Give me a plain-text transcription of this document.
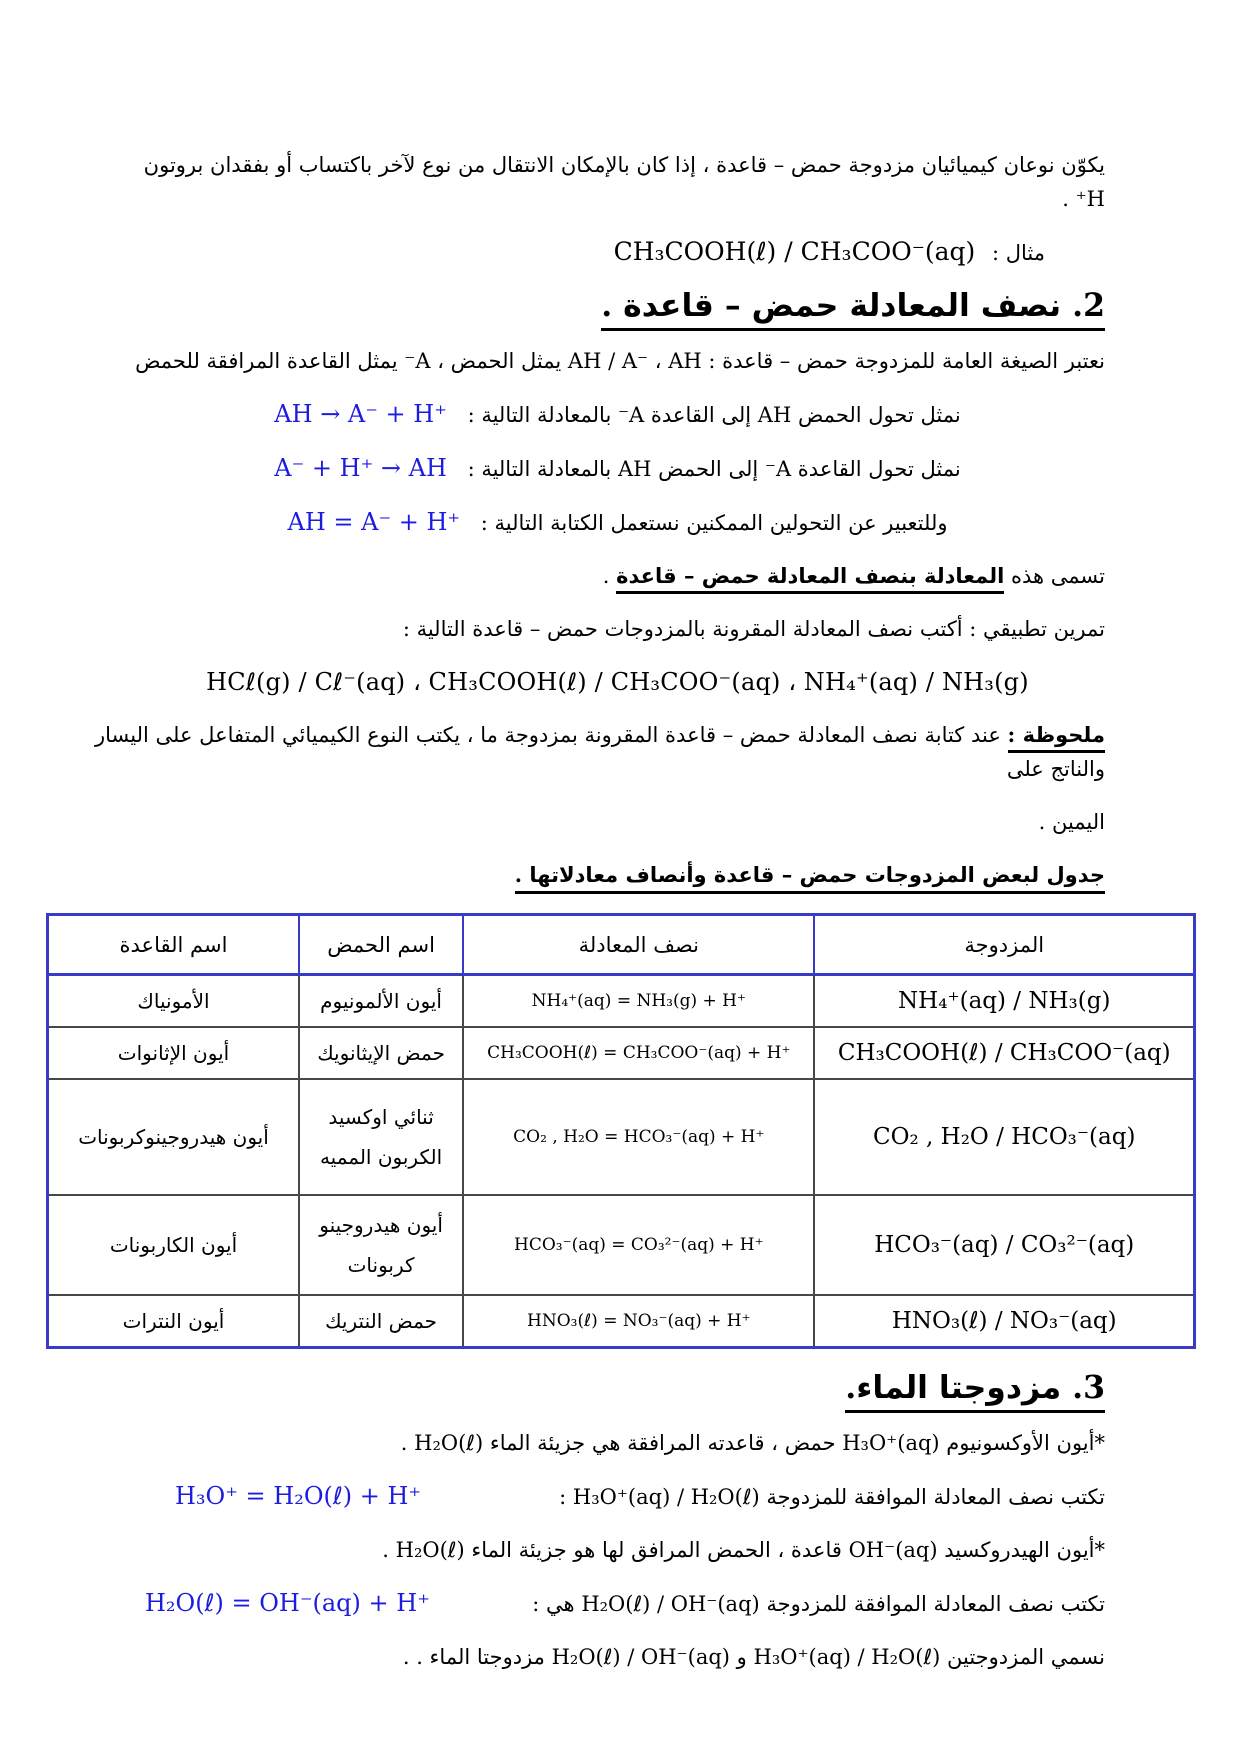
يكوّن نوعان كيميائيان مزدوجة حمض – قاعدة ، إذا كان بالإمكان الانتقال من نوع لآخر باكتساب أو بفقدان بروتون H⁺ .

مثال : CH₃COOH(ℓ) / CH₃COO⁻(aq)

2. نصف المعادلة حمض – قاعدة .

نعتبر الصيغة العامة للمزدوجة حمض – قاعدة : AH / A⁻ ، AH يمثل الحمض ، A⁻ يمثل القاعدة المرافقة للحمض

نمثل تحول الحمض AH إلى القاعدة A⁻ بالمعادلة التالية : AH → A⁻ + H⁺

نمثل تحول القاعدة A⁻ إلى الحمض AH بالمعادلة التالية : A⁻ + H⁺ → AH

وللتعبير عن التحولين الممكنين نستعمل الكتابة التالية : AH = A⁻ + H⁺

تسمى هذه المعادلة بنصف المعادلة حمض – قاعدة .

تمرين تطبيقي : أكتب نصف المعادلة المقرونة بالمزدوجات حمض – قاعدة التالية :

HCℓ(g) / Cℓ⁻(aq) ، CH₃COOH(ℓ) / CH₃COO⁻(aq) ، NH₄⁺(aq) / NH₃(g)

ملحوظة : عند كتابة نصف المعادلة حمض – قاعدة المقرونة بمزدوجة ما ، يكتب النوع الكيميائي المتفاعل على اليسار والناتج على

اليمين .

جدول لبعض المزدوجات حمض – قاعدة وأنصاف معادلاتها .

المزدوجة	نصف المعادلة	اسم الحمض	اسم القاعدة
NH₄⁺(aq) / NH₃(g)	NH₄⁺(aq) = NH₃(g) + H⁺	أيون الألمونيوم	الأمونياك
CH₃COOH(ℓ) / CH₃COO⁻(aq)	CH₃COOH(ℓ) = CH₃COO⁻(aq) + H⁺	حمض الإيثانويك	أيون الإثانوات
CO₂ , H₂O / HCO₃⁻(aq)	CO₂ , H₂O = HCO₃⁻(aq) + H⁺	ثنائي اوكسيد الكربون المميه	أيون هيدروجينوكربونات
HCO₃⁻(aq) / CO₃²⁻(aq)	HCO₃⁻(aq) = CO₃²⁻(aq) + H⁺	أيون هيدروجينو كربونات	أيون الكاربونات
HNO₃(ℓ) / NO₃⁻(aq)	HNO₃(ℓ) = NO₃⁻(aq) + H⁺	حمض النتريك	أيون النترات
3. مزدوجتا الماء.

*أيون الأوكسونيوم H₃O⁺(aq) حمض ، قاعدته المرافقة هي جزيئة الماء H₂O(ℓ) .

تكتب نصف المعادلة الموافقة للمزدوجة H₃O⁺(aq) / H₂O(ℓ) :
H₃O⁺ = H₂O(ℓ) + H⁺

*أيون الهيدروكسيد OH⁻(aq) قاعدة ، الحمض المرافق لها هو جزيئة الماء H₂O(ℓ) .

تكتب نصف المعادلة الموافقة للمزدوجة H₂O(ℓ) / OH⁻(aq) هي :
H₂O(ℓ) = OH⁻(aq) + H⁺

نسمي المزدوجتين H₃O⁺(aq) / H₂O(ℓ) و H₂O(ℓ) / OH⁻(aq) مزدوجتا الماء . .
